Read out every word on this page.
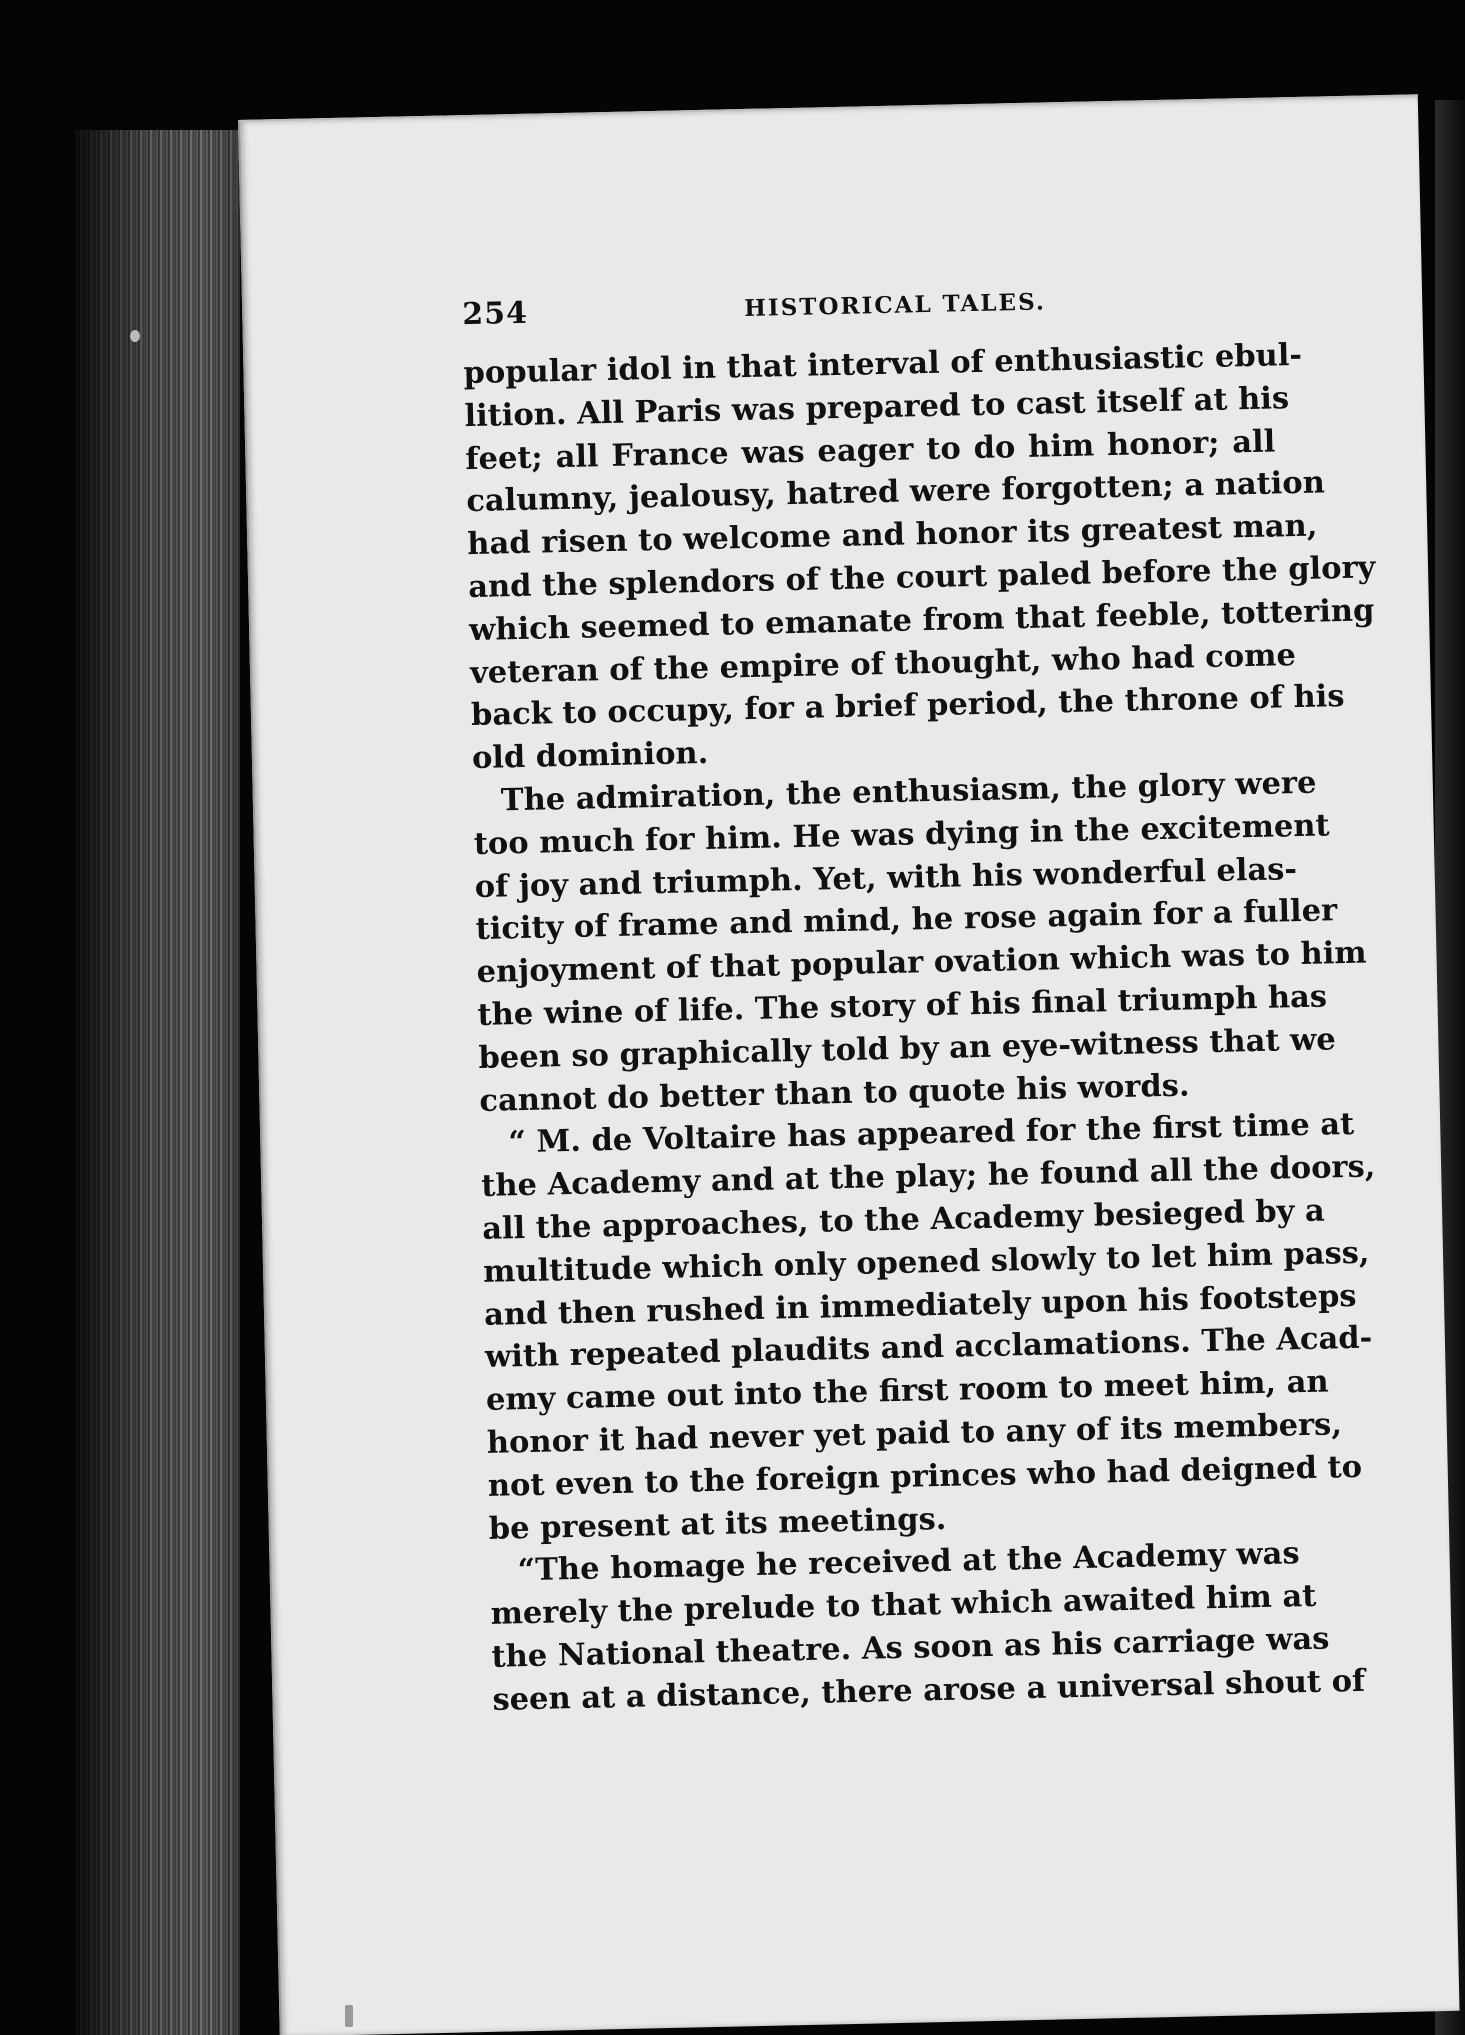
254	HISTORICAL TALES.
popular idol in that interval of enthusiastic ebul-
lition. All Paris was prepared to cast itself at his
feet; all France was eager to do him honor; all
calumny, jealousy, hatred were forgotten; a nation
had risen to welcome and honor its greatest man,
and the splendors of the court paled before the glory
which seemed to emanate from that feeble, tottering
veteran of the empire of thought, who had come
back to occupy, for a brief period, the throne of his
old dominion.
The admiration, the enthusiasm, the glory were
too much for him. He was dying in the excitement
of joy and triumph. Yet, with his wonderful elas-
ticity of frame and mind, he rose again for a fuller
enjoyment of that popular ovation which was to him
the wine of life. The story of his final triumph has
been so graphically told by an eye-witness that we
cannot do better than to quote his words.
“ M. de Voltaire has appeared for the first time at
the Academy and at the play; he found all the doors,
all the approaches, to the Academy besieged by a
multitude which only opened slowly to let him pass,
and then rushed in immediately upon his footsteps
with repeated plaudits and acclamations. The Acad-
emy came out into the first room to meet him, an
honor it had never yet paid to any of its members,
not even to the foreign princes who had deigned to
be present at its meetings.
“The homage he received at the Academy was
merely the prelude to that which awaited him at
the National theatre. As soon as his carriage was
seen at a distance, there arose a universal shout of
